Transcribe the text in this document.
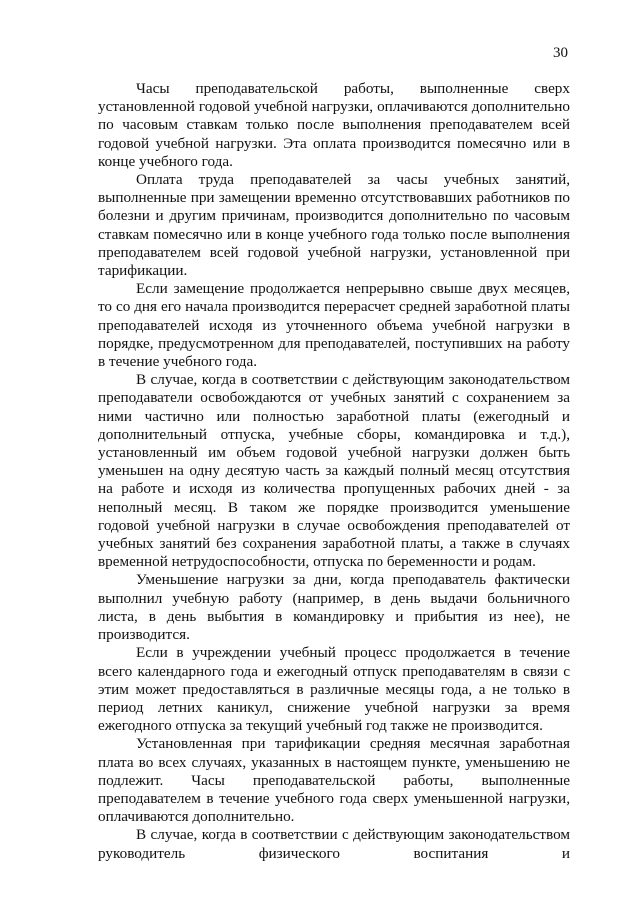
30

Часы преподавательской работы, выполненные сверх установленной годовой учебной нагрузки, оплачиваются дополнительно по часовым ставкам только после выполнения преподавателем всей годовой учебной нагрузки. Эта оплата производится помесячно или в конце учебного года.

Оплата труда преподавателей за часы учебных занятий, выполненные при замещении временно отсутствовавших работников по болезни и другим причинам, производится дополнительно по часовым ставкам помесячно или в конце учебного года только после выполнения преподавателем всей годовой учебной нагрузки, установленной при тарификации.

Если замещение продолжается непрерывно свыше двух месяцев, то со дня его начала производится перерасчет средней заработной платы преподавателей исходя из уточненного объема учебной нагрузки в порядке, предусмотренном для преподавателей, поступивших на работу в течение учебного года.

В случае, когда в соответствии с действующим законодательством преподаватели освобождаются от учебных занятий с сохранением за ними частично или полностью заработной платы (ежегодный и дополнительный отпуска, учебные сборы, командировка и т.д.), установленный им объем годовой учебной нагрузки должен быть уменьшен на одну десятую часть за каждый полный месяц отсутствия на работе и исходя из количества пропущенных рабочих дней - за неполный месяц. В таком же порядке производится уменьшение годовой учебной нагрузки в случае освобождения преподавателей от учебных занятий без сохранения заработной платы, а также в случаях временной нетрудоспособности, отпуска по беременности и родам.

Уменьшение нагрузки за дни, когда преподаватель фактически выполнил учебную работу (например, в день выдачи больничного листа, в день выбытия в командировку и прибытия из нее), не производится.

Если в учреждении учебный процесс продолжается в течение всего календарного года и ежегодный отпуск преподавателям в связи с этим может предоставляться в различные месяцы года, а не только в период летних каникул, снижение учебной нагрузки за время ежегодного отпуска за текущий учебный год также не производится.

Установленная при тарификации средняя месячная заработная плата во всех случаях, указанных в настоящем пункте, уменьшению не подлежит. Часы преподавательской работы, выполненные преподавателем в течение учебного года сверх уменьшенной нагрузки, оплачиваются дополнительно.

В случае, когда в соответствии с действующим законодательством руководитель физического воспитания и
